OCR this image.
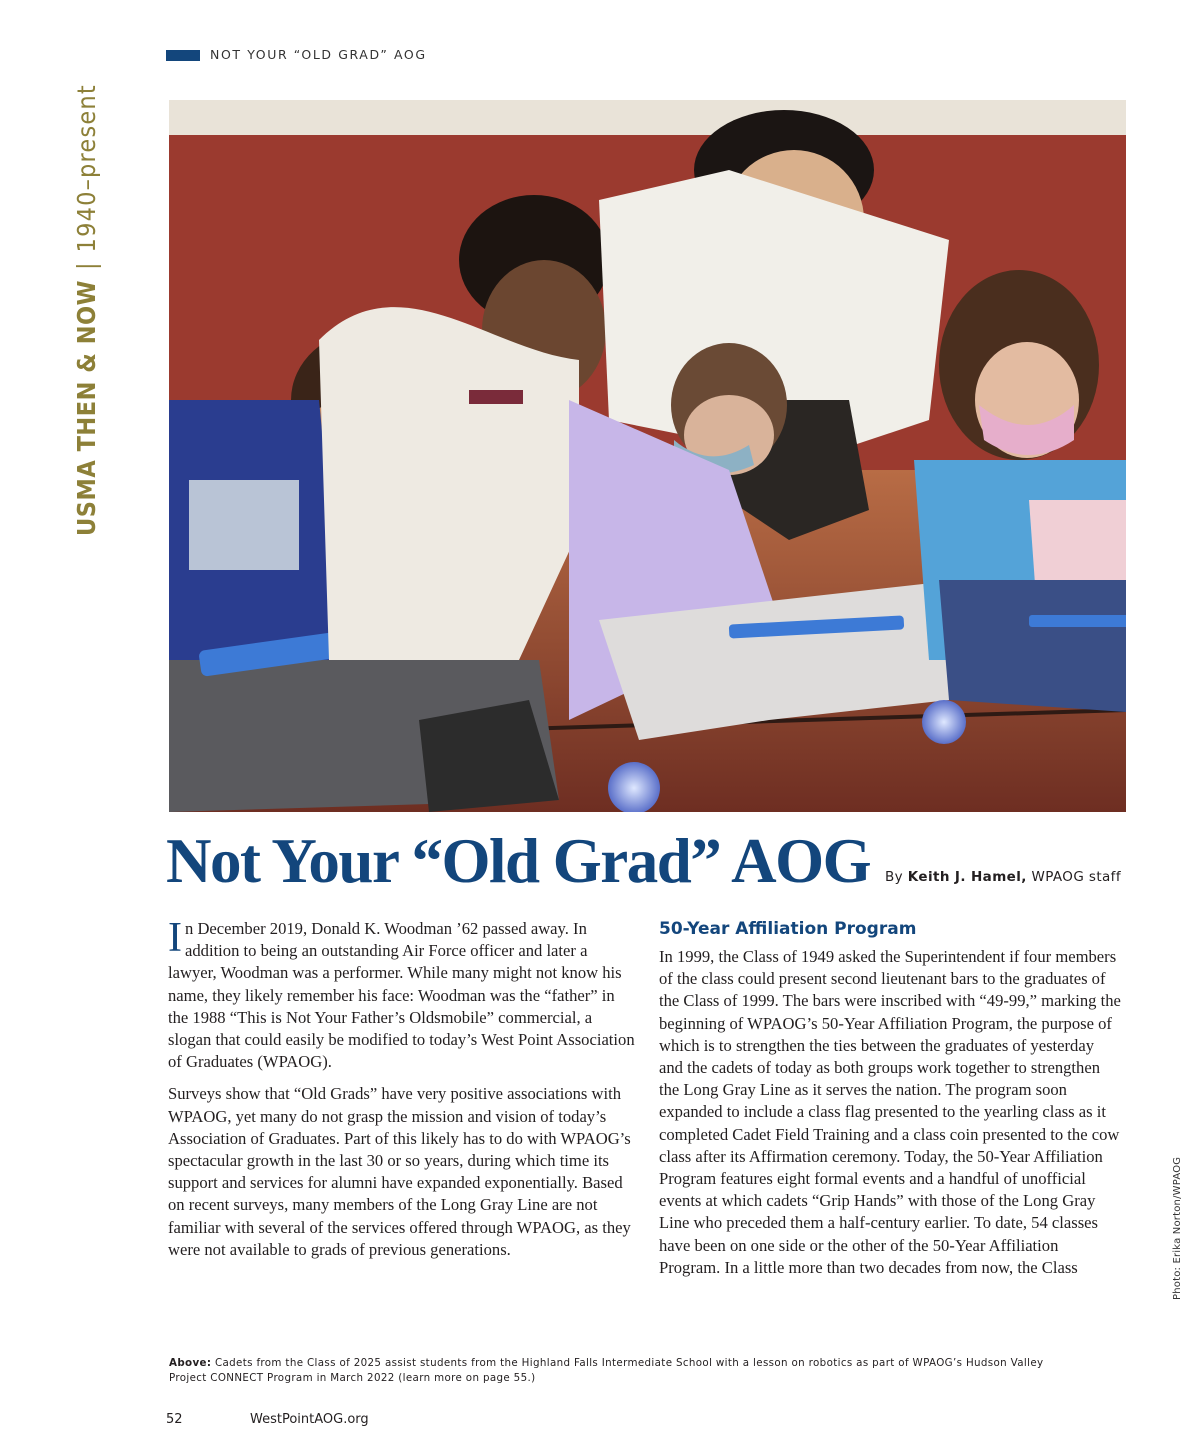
NOT YOUR “OLD GRAD” AOG
USMA THEN & NOW|1940–present
Not Your “Old Grad” AOG By Keith J. Hamel, WPAOG staff

In December 2019, Donald K. Woodman ’62 passed away. In addition to being an outstanding Air Force officer and later a lawyer, Woodman was a performer. While many might not know his name, they likely remember his face: Woodman was the “father” in the 1988 “This is Not Your Father’s Oldsmobile” commercial, a slogan that could easily be modified to today’s West Point Association of Graduates (WPAOG).

Surveys show that “Old Grads” have very positive associations with WPAOG, yet many do not grasp the mission and vision of today’s Association of Graduates. Part of this likely has to do with WPAOG’s spectacular growth in the last 30 or so years, during which time its support and services for alumni have expanded exponentially. Based on recent surveys, many members of the Long Gray Line are not familiar with several of the services offered through WPAOG, as they were not available to grads of previous generations.

50-Year Affiliation Program

In 1999, the Class of 1949 asked the Superintendent if four members of the class could present second lieutenant bars to the graduates of the Class of 1999. The bars were inscribed with “49-99,” marking the beginning of WPAOG’s 50-Year Affiliation Program, the purpose of which is to strengthen the ties between the graduates of yesterday and the cadets of today as both groups work together to strengthen the Long Gray Line as it serves the nation. The program soon expanded to include a class flag presented to the yearling class as it completed Cadet Field Training and a class coin presented to the cow class after its Affirmation ceremony. Today, the 50-Year Affiliation Program features eight formal events and a handful of unofficial events at which cadets “Grip Hands” with those of the Long Gray Line who preceded them a half-century earlier. To date, 54 classes have been on one side or the other of the 50-Year Affiliation Program. In a little more than two decades from now, the Class

Above: Cadets from the Class of 2025 assist students from the Highland Falls Intermediate School with a lesson on robotics as part of WPAOG’s Hudson Valley Project CONNECT Program in March 2022 (learn more on page 55.)
Photo: Erika Norton/WPAOG
52	WestPointAOG.org
